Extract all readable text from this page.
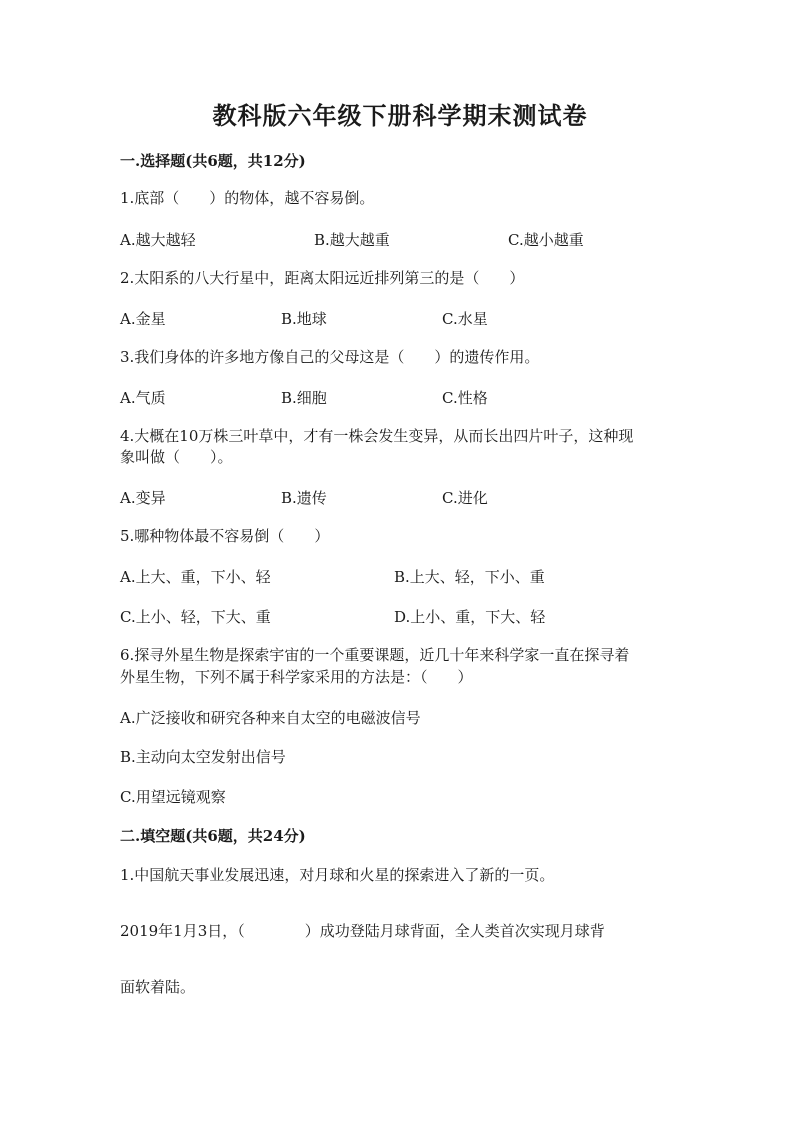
教科版六年级下册科学期末测试卷
一.选择题(共6题，共12分)
1.底部（　　）的物体，越不容易倒。
A.越大越轻	B.越大越重	C.越小越重
2.太阳系的八大行星中，距离太阳远近排列第三的是（　　）
A.金星	B.地球	C.水星
3.我们身体的许多地方像自己的父母这是（　　）的遗传作用。
A.气质	B.细胞	C.性格
4.大概在10万株三叶草中，才有一株会发生变异，从而长出四片叶子，这种现
象叫做（　　）。
A.变异	B.遗传	C.进化
5.哪种物体最不容易倒（　　）
A.上大、重，下小、轻	B.上大、轻，下小、重
C.上小、轻，下大、重	D.上小、重，下大、轻
6.探寻外星生物是探索宇宙的一个重要课题，近几十年来科学家一直在探寻着
外星生物，下列不属于科学家采用的方法是：（　　）
A.广泛接收和研究各种来自太空的电磁波信号
B.主动向太空发射出信号
C.用望远镜观察
二.填空题(共6题，共24分)
1.中国航天事业发展迅速，对月球和火星的探索进入了新的一页。
2019年1月3日，（　　　　）成功登陆月球背面，全人类首次实现月球背
面软着陆。
